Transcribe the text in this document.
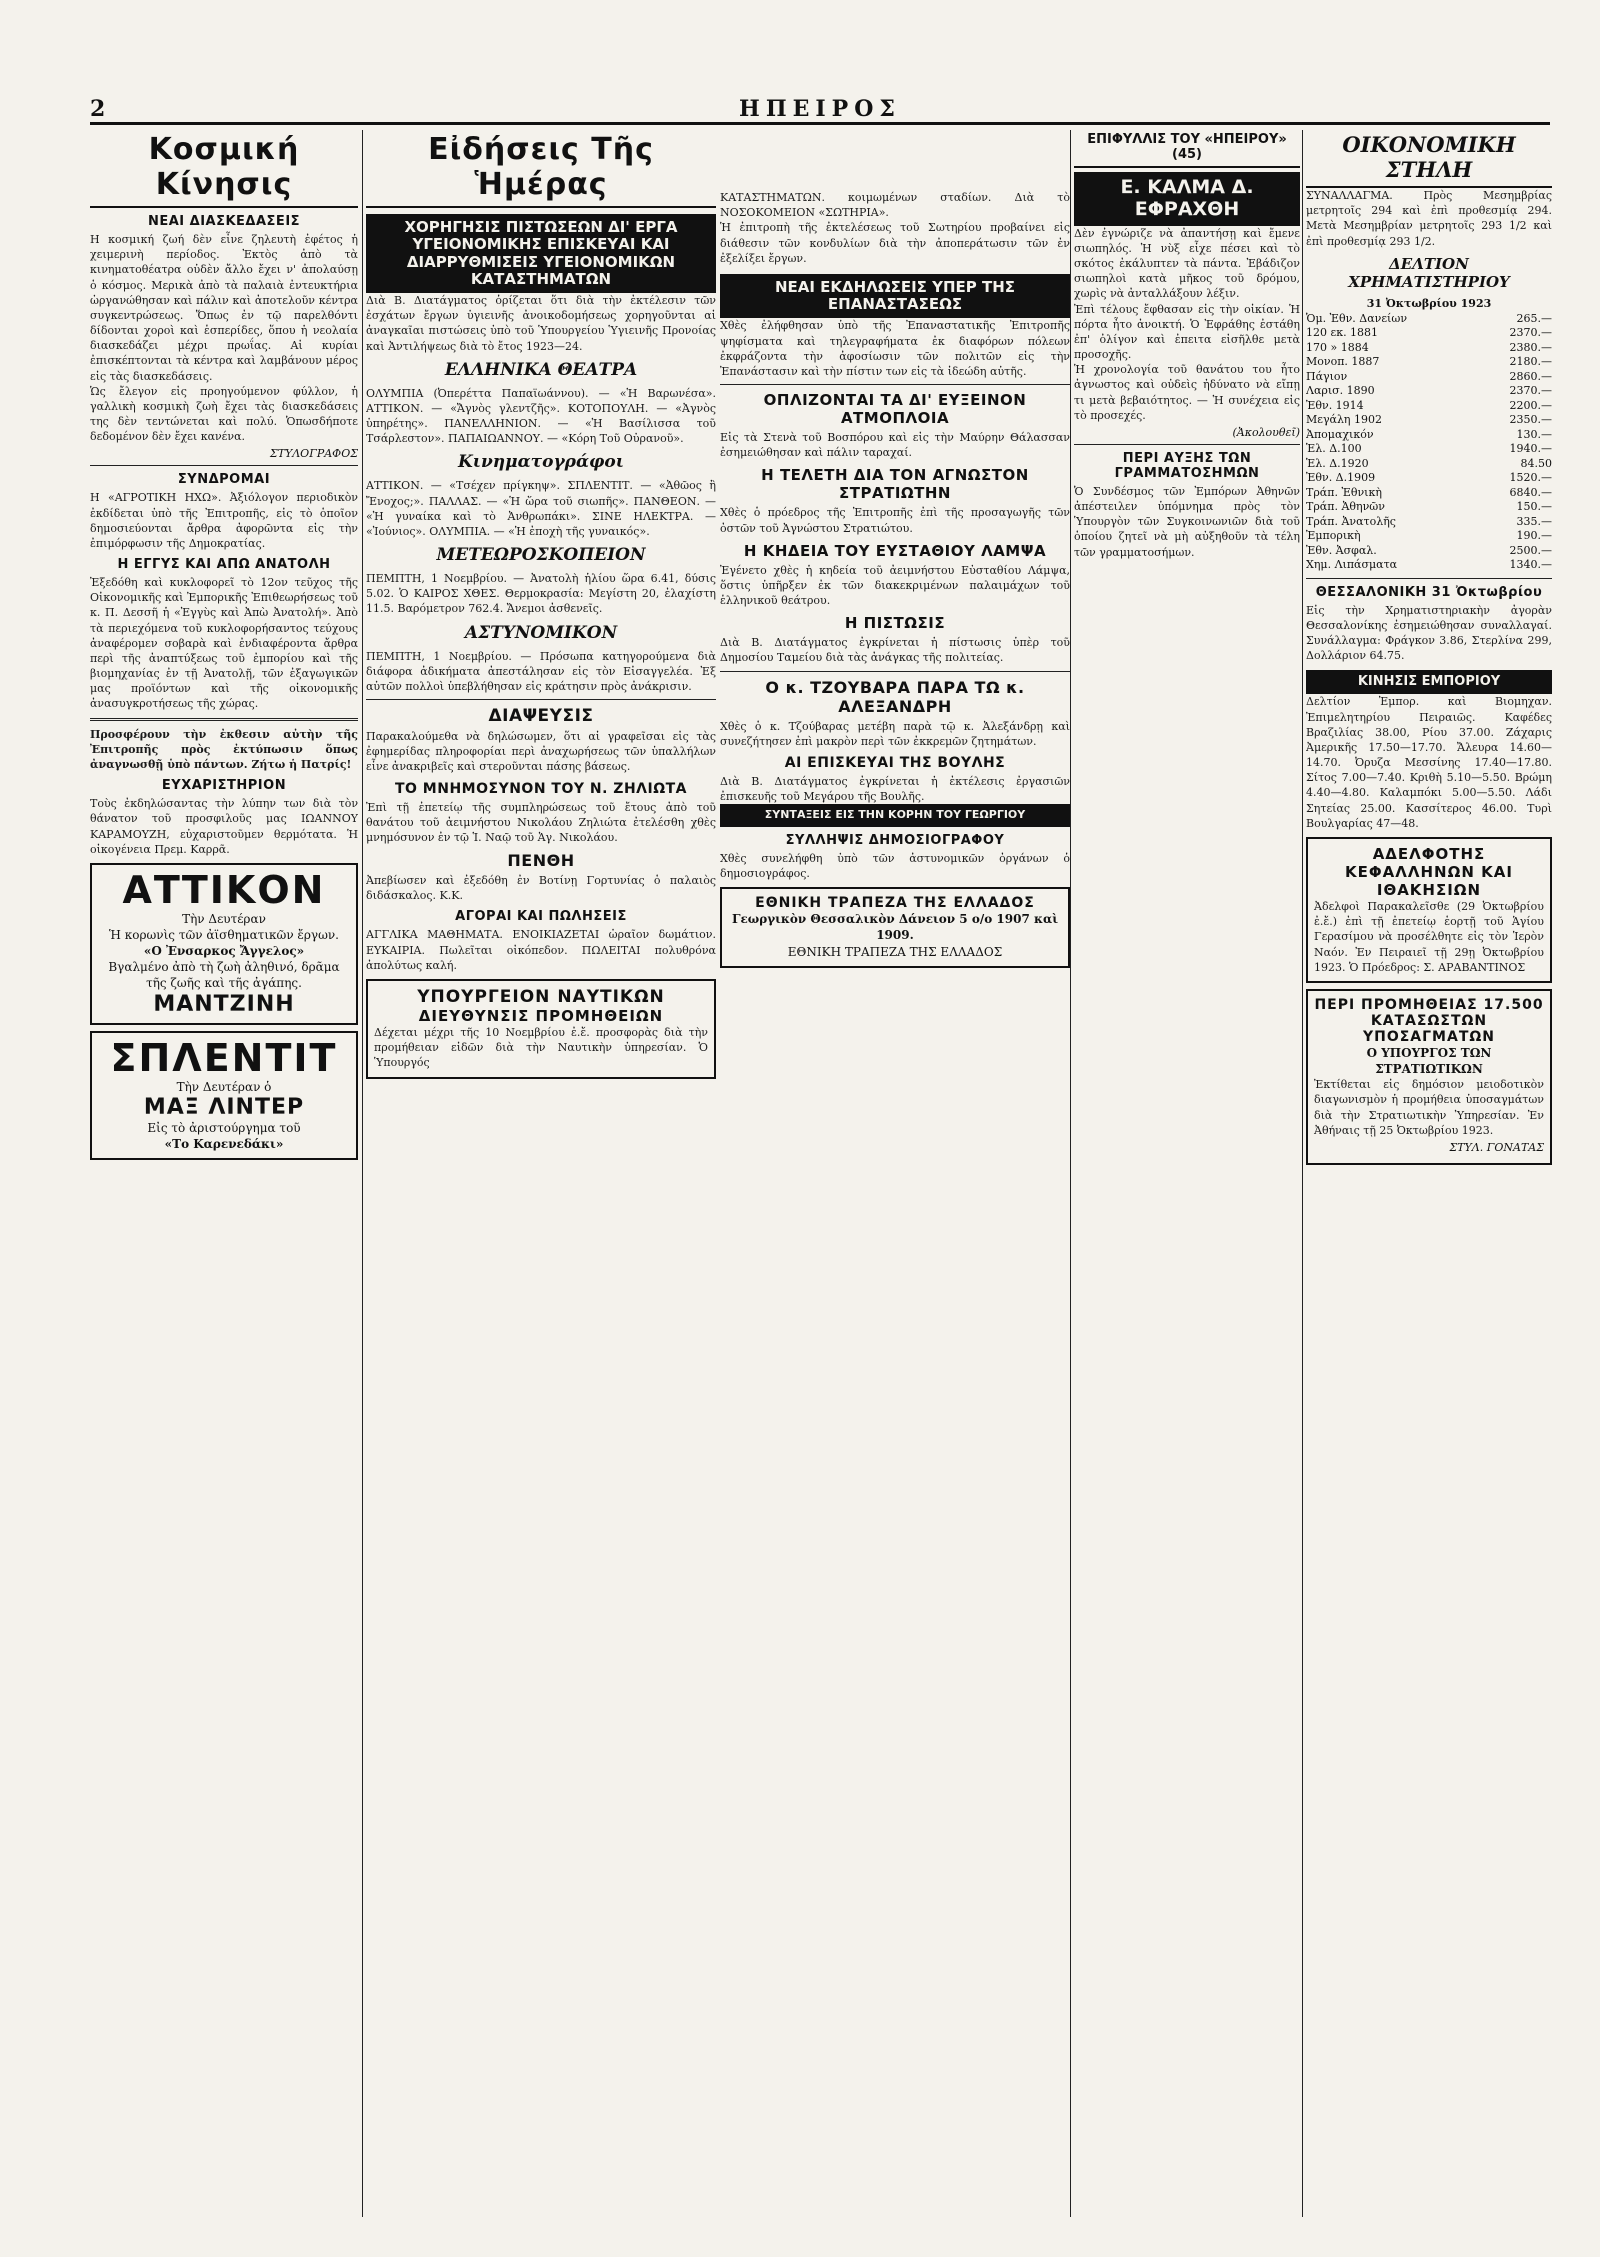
2	ΗΠΕΙΡΟΣ
Κοσμική Κίνησις
ΝΕΑΙ ΔΙΑΣΚΕΔΑΣΕΙΣ
Η κοσμική ζωή δὲν εἶνε ζηλευτὴ ἐφέτος ἡ χειμερινὴ περίοδος. Ἐκτὸς ἀπὸ τὰ κινηματοθέατρα οὐδὲν ἄλλο ἔχει ν' ἀπολαύσῃ ὁ κόσμος. Μερικὰ ἀπὸ τὰ παλαιὰ ἐντευκτήρια ὡργανώθησαν καὶ πάλιν καὶ ἀποτελοῦν κέντρα συγκεντρώσεως. Ὅπως ἐν τῷ παρελθόντι δίδονται χοροὶ καὶ ἑσπερίδες, ὅπου ἡ νεολαία διασκεδάζει μέχρι πρωΐας. Αἱ κυρίαι ἐπισκέπτονται τὰ κέντρα καὶ λαμβάνουν μέρος εἰς τὰς διασκεδάσεις.
Ὡς ἔλεγον εἰς προηγούμενον φύλλον, ἡ γαλλικὴ κοσμικὴ ζωὴ ἔχει τὰς διασκεδάσεις της δὲν τεντώνεται καὶ πολύ. Ὁπωσδήποτε δεδομένον δὲν ἔχει κανένα.
ΣΤΥΛΟΓΡΑΦΟΣ
ΣΥΝΔΡΟΜΑΙ
Η «ΑΓΡΟΤΙΚΗ ΗΧΩ». Ἀξιόλογον περιοδικὸν ἐκδίδεται ὑπὸ τῆς Ἐπιτροπῆς, εἰς τὸ ὁποῖον δημοσιεύονται ἄρθρα ἀφορῶντα εἰς τὴν ἐπιμόρφωσιν τῆς Δημοκρατίας.
Η ΕΓΓΥΣ ΚΑΙ ΑΠΩ ΑΝΑΤΟΛΗ
Ἐξεδόθη καὶ κυκλοφορεῖ τὸ 12ον τεῦχος τῆς Οἰκονομικῆς καὶ Ἐμπορικῆς Ἐπιθεωρήσεως τοῦ κ. Π. Δεσσῆ ἡ «Ἐγγὺς καὶ Ἀπὼ Ἀνατολή». Ἀπὸ τὰ περιεχόμενα τοῦ κυκλοφορήσαντος τεύχους ἀναφέρομεν σοβαρὰ καὶ ἐνδιαφέροντα ἄρθρα περὶ τῆς ἀναπτύξεως τοῦ ἐμπορίου καὶ τῆς βιομηχανίας ἐν τῇ Ἀνατολῇ, τῶν ἐξαγωγικῶν μας προϊόντων καὶ τῆς οἰκονομικῆς ἀνασυγκροτήσεως τῆς χώρας.
Προσφέρουν τὴν ἐκθεσιν αὐτὴν τῆς Ἐπιτροπῆς πρὸς ἐκτύπωσιν ὅπως ἀναγνωσθῇ ὑπὸ πάντων. Ζήτω ἡ Πατρίς!
ΕΥΧΑΡΙΣΤΗΡΙΟΝ
Τοὺς ἐκδηλώσαντας τὴν λύπην των διὰ τὸν θάνατον τοῦ προσφιλοῦς μας ΙΩΑΝΝΟΥ ΚΑΡΑΜΟΥΖΗ, εὐχαριστοῦμεν θερμότατα. Ἡ οἰκογένεια Πρεμ. Καρρᾶ.
ΑΤΤΙΚΟΝ
Τὴν Δευτέραν
Ἡ κορωνὶς τῶν ἀϊσθηματικῶν ἔργων.
«Ο Ἐνσαρκος Ἄγγελος»
Βγαλμένο ἀπὸ τὴ ζωὴ ἀληθινό, δρᾶμα τῆς ζωῆς καὶ τῆς ἀγάπης.
ΜΑΝΤΖΙΝΗ
ΣΠΛΕΝΤΙΤ
Τὴν Δευτέραν ὁ
ΜΑΞ ΛΙΝΤΕΡ
Εἰς τὸ ἀριστούργημα τοῦ
«Το Καρενεδάκι»
Εἰδήσεις Τῆς Ἡμέρας
ΧΟΡΗΓΗΣΙΣ ΠΙΣΤΩΣΕΩΝ ΔΙ' ΕΡΓΑ ΥΓΕΙΟΝΟΜΙΚΗΣ ΕΠΙΣΚΕΥΑΙ ΚΑΙ ΔΙΑΡΡΥΘΜΙΣΕΙΣ ΥΓΕΙΟΝΟΜΙΚΩΝ ΚΑΤΑΣΤΗΜΑΤΩΝ
Διὰ Β. Διατάγματος ὁρίζεται ὅτι διὰ τὴν ἐκτέλεσιν τῶν ἐσχάτων ἔργων ὑγιεινῆς ἀνοικοδομήσεως χορηγοῦνται αἱ ἀναγκαῖαι πιστώσεις ὑπὸ τοῦ Ὑπουργείου Ὑγιεινῆς Προνοίας καὶ Ἀντιλήψεως διὰ τὸ ἔτος 1923—24.
ΕΛΛΗΝΙΚΑ ΘΕΑΤΡΑ
ΟΛΥΜΠΙΑ (Ὀπερέττα Παπαϊωάννου). — «Ἡ Βαρωνέσα». ΑΤΤΙΚΟΝ. — «Ἄγνὸς γλεντζῆς». ΚΟΤΟΠΟΥΛΗ. — «Ἀγνὸς ὑπηρέτης». ΠΑΝΕΛΛΗΝΙΟΝ. — «Ἡ Βασίλισσα τοῦ Τσάρλεστον». ΠΑΠΑΙΩΑΝΝΟΥ. — «Κόρη Τοῦ Οὐρανοῦ».
Κινηματογράφοι
ΑΤΤΙΚΟΝ. — «Τσέχεν πρίγκηψ». ΣΠΛΕΝΤΙΤ. — «Ἀθῶος ἢ Ἔνοχος;». ΠΑΛΛΑΣ. — «Ἡ ὥρα τοῦ σιωπῆς». ΠΑΝΘΕΟΝ. — «Ἡ γυναίκα καὶ τὸ Ἀνθρωπάκι». ΣΙΝΕ ΗΛΕΚΤΡΑ. — «Ἰούνιος». ΟΛΥΜΠΙΑ. — «Ἡ ἐποχὴ τῆς γυναικός».
ΜΕΤΕΩΡΟΣΚΟΠΕΙΟΝ
ΠΕΜΠΤΗ, 1 Νοεμβρίου. — Ἀνατολὴ ἡλίου ὥρα 6.41, δύσις 5.02. Ὁ ΚΑΙΡΟΣ ΧΘΕΣ. Θερμοκρασία: Μεγίστη 20, ἐλαχίστη 11.5. Βαρόμετρον 762.4. Ἄνεμοι ἀσθενεῖς.
ΑΣΤΥΝΟΜΙΚΟΝ
ΠΕΜΠΤΗ, 1 Νοεμβρίου. — Πρόσωπα κατηγορούμενα διὰ διάφορα ἀδικήματα ἀπεστάλησαν εἰς τὸν Εἰσαγγελέα. Ἐξ αὐτῶν πολλοὶ ὑπεβλήθησαν εἰς κράτησιν πρὸς ἀνάκρισιν.
ΔΙΑΨΕΥΣΙΣ
Παρακαλούμεθα νὰ δηλώσωμεν, ὅτι αἱ γραφεῖσαι εἰς τὰς ἐφημερίδας πληροφορίαι περὶ ἀναχωρήσεως τῶν ὑπαλλήλων εἶνε ἀνακριβεῖς καὶ στεροῦνται πάσης βάσεως.
ΤΟ ΜΝΗΜΟΣΥΝΟΝ ΤΟΥ Ν. ΖΗΛΙΩΤΑ
Ἐπὶ τῇ ἐπετείῳ τῆς συμπληρώσεως τοῦ ἔτους ἀπὸ τοῦ θανάτου τοῦ ἀειμνήστου Νικολάου Ζηλιώτα ἐτελέσθη χθὲς μνημόσυνον ἐν τῷ Ἱ. Ναῷ τοῦ Ἁγ. Νικολάου.
ΠΕΝΘΗ
Ἀπεβίωσεν καὶ ἐξεδόθη ἐν Βοτίνῃ Γορτυνίας ὁ παλαιὸς διδάσκαλος. Κ.Κ.
ΑΓΟΡΑΙ ΚΑΙ ΠΩΛΗΣΕΙΣ
ΑΓΓΛΙΚΑ ΜΑΘΗΜΑΤΑ. ΕΝΟΙΚΙΑΖΕΤΑΙ ὡραῖον δωμάτιον. ΕΥΚΑΙΡΙΑ. Πωλεῖται οἰκόπεδον. ΠΩΛΕΙΤΑΙ πολυθρόνα ἀπολύτως καλή.
ΥΠΟΥΡΓΕΙΟΝ ΝΑΥΤΙΚΩΝ
ΔΙΕΥΘΥΝΣΙΣ ΠΡΟΜΗΘΕΙΩΝ
Δέχεται μέχρι τῆς 10 Νοεμβρίου ἐ.ἔ. προσφορὰς διὰ τὴν προμήθειαν εἰδῶν διὰ τὴν Ναυτικὴν ὑπηρεσίαν. Ὁ Ὑπουργός
ΚΑΤΑΣΤΗΜΑΤΩΝ. κοιμωμένων σταδίων. Διὰ τὸ ΝΟΣΟΚΟΜΕΙΟΝ «ΣΩΤΗΡΙΑ».
Ἡ ἐπιτροπὴ τῆς ἐκτελέσεως τοῦ Σωτηρίου προβαίνει εἰς διάθεσιν τῶν κονδυλίων διὰ τὴν ἀποπεράτωσιν τῶν ἐν ἐξελίξει ἔργων.
ΝΕΑΙ ΕΚΔΗΛΩΣΕΙΣ ΥΠΕΡ ΤΗΣ ΕΠΑΝΑΣΤΑΣΕΩΣ
Χθὲς ἐλήφθησαν ὑπὸ τῆς Ἐπαναστατικῆς Ἐπιτροπῆς ψηφίσματα καὶ τηλεγραφήματα ἐκ διαφόρων πόλεων ἐκφράζοντα τὴν ἀφοσίωσιν τῶν πολιτῶν εἰς τὴν Ἐπανάστασιν καὶ τὴν πίστιν των εἰς τὰ ἰδεώδη αὐτῆς.
ΟΠΛΙΖΟΝΤΑΙ ΤΑ ΔΙ' ΕΥΞΕΙΝΟΝ ΑΤΜΟΠΛΟΙΑ
Εἰς τὰ Στενὰ τοῦ Βοσπόρου καὶ εἰς τὴν Μαύρην Θάλασσαν ἐσημειώθησαν καὶ πάλιν ταραχαί.
Η ΤΕΛΕΤΗ ΔΙΑ ΤΟΝ ΑΓΝΩΣΤΟΝ ΣΤΡΑΤΙΩΤΗΝ
Χθὲς ὁ πρόεδρος τῆς Ἐπιτροπῆς ἐπὶ τῆς προσαγωγῆς τῶν ὀστῶν τοῦ Ἀγνώστου Στρατιώτου.
Η ΚΗΔΕΙΑ ΤΟΥ ΕΥΣΤΑΘΙΟΥ ΛΑΜΨΑ
Ἐγένετο χθὲς ἡ κηδεία τοῦ ἀειμνήστου Εὐσταθίου Λάμψα, ὅστις ὑπῆρξεν ἐκ τῶν διακεκριμένων παλαιμάχων τοῦ ἑλληνικοῦ θεάτρου.
Η ΠΙΣΤΩΣΙΣ
Διὰ Β. Διατάγματος ἐγκρίνεται ἡ πίστωσις ὑπὲρ τοῦ Δημοσίου Ταμείου διὰ τὰς ἀνάγκας τῆς πολιτείας.
Ο κ. ΤΖΟΥΒΑΡΑ ΠΑΡΑ ΤΩ κ. ΑΛΕΞΑΝΔΡΗ
Χθὲς ὁ κ. Τζούβαρας μετέβη παρὰ τῷ κ. Ἀλεξάνδρῃ καὶ συνεζήτησεν ἐπὶ μακρὸν περὶ τῶν ἐκκρεμῶν ζητημάτων.
ΑΙ ΕΠΙΣΚΕΥΑΙ ΤΗΣ ΒΟΥΛΗΣ
Διὰ Β. Διατάγματος ἐγκρίνεται ἡ ἐκτέλεσις ἐργασιῶν ἐπισκευῆς τοῦ Μεγάρου τῆς Βουλῆς.
ΣΥΝΤΑΞΕΙΣ ΕΙΣ ΤΗΝ ΚΟΡΗΝ ΤΟΥ ΓΕΩΡΓΙΟΥ
ΣΥΛΛΗΨΙΣ ΔΗΜΟΣΙΟΓΡΑΦΟΥ
Χθὲς συνελήφθη ὑπὸ τῶν ἀστυνομικῶν ὀργάνων ὁ δημοσιογράφος.
ΕΘΝΙΚΗ ΤΡΑΠΕΖΑ ΤΗΣ ΕΛΛΑΔΟΣ
Γεωργικὸν Θεσσαλικὸν Δάνειον 5 ο/ο 1907 καὶ 1909.
ΕΘΝΙΚΗ ΤΡΑΠΕΖΑ ΤΗΣ ΕΛΛΑΔΟΣ
ΕΠΙΦΥΛΛΙΣ ΤΟΥ «ΗΠΕΙΡΟΥ» (45)
Ε. ΚΑΛΜΑ Δ. ΕΦΡΑΧΘΗ
Δὲν ἐγνώριζε νὰ ἀπαντήσῃ καὶ ἔμενε σιωπηλός. Ἡ νὺξ εἶχε πέσει καὶ τὸ σκότος ἐκάλυπτεν τὰ πάντα. Ἐβάδιζον σιωπηλοὶ κατὰ μῆκος τοῦ δρόμου, χωρὶς νὰ ἀνταλλάξουν λέξιν.
Ἐπὶ τέλους ἔφθασαν εἰς τὴν οἰκίαν. Ἡ πόρτα ἦτο ἀνοικτή. Ὁ Ἐφράθης ἐστάθη ἐπ' ὀλίγον καὶ ἐπειτα εἰσῆλθε μετὰ προσοχῆς.
Ἡ χρονολογία τοῦ θανάτου του ἦτο ἀγνωστος καὶ οὐδεὶς ἠδύνατο νὰ εἴπῃ τι μετὰ βεβαιότητος. — Ἡ συνέχεια εἰς τὸ προσεχές.
(Ἀκολουθεῖ)
ΠΕΡΙ ΑΥΞΗΣ ΤΩΝ ΓΡΑΜΜΑΤΟΣΗΜΩΝ
Ὁ Συνδέσμος τῶν Ἐμπόρων Ἀθηνῶν ἀπέστειλεν ὑπόμνημα πρὸς τὸν Ὑπουργὸν τῶν Συγκοινωνιῶν διὰ τοῦ ὁποίου ζητεῖ νὰ μὴ αὐξηθοῦν τὰ τέλη τῶν γραμματοσήμων.
ΟΙΚΟΝΟΜΙΚΗ ΣΤΗΛΗ
ΣΥΝΑΛΛΑΓΜΑ. Πρὸς Μεσημβρίας μετρητοῖς 294 καὶ ἐπὶ προθεσμίᾳ 294. Μετὰ Μεσημβρίαν μετρητοῖς 293 1/2 καὶ ἐπὶ προθεσμίᾳ 293 1/2.
ΔΕΛΤΙΟΝ ΧΡΗΜΑΤΙΣΤΗΡΙΟΥ
31 Ὀκτωβρίου 1923
Ὁμ. Ἐθν. Δανείων	265.—
120 εκ. 1881	2370.—
170 » 1884	2380.—
Μονοπ. 1887	2180.—
Πάγιον	2860.—
Λαρισ. 1890	2370.—
Ἐθν. 1914	2200.—
Μεγάλη 1902	2350.—
Ἀπομαχικόν	130.—
Ἑλ. Δ.100	1940.—
Ἑλ. Δ.1920	84.50
Ἐθν. Δ.1909	1520.—
Τράπ. Ἐθνικὴ	6840.—
Τράπ. Ἀθηνῶν	150.—
Τράπ. Ἀνατολῆς	335.—
Ἐμπορικὴ	190.—
Ἐθν. Ἀσφαλ.	2500.—
Χημ. Λιπάσματα	1340.—
ΘΕΣΣΑΛΟΝΙΚΗ 31 Ὀκτωβρίου
Εἰς τὴν Χρηματιστηριακὴν ἀγορὰν Θεσσαλονίκης ἐσημειώθησαν συναλλαγαί. Συνάλλαγμα: Φράγκον 3.86, Στερλίνα 299, Δολλάριον 64.75.
ΚΙΝΗΣΙΣ ΕΜΠΟΡΙΟΥ
Δελτίον Ἐμπορ. καὶ Βιομηχαν. Ἐπιμελητηρίου Πειραιῶς. Καφέδες Βραζιλίας 38.00, Ρίου 37.00. Ζάχαρις Ἀμερικῆς 17.50—17.70. Ἄλευρα 14.60—14.70. Ὀρυζα Μεσσίνης 17.40—17.80. Σίτος 7.00—7.40. Κριθὴ 5.10—5.50. Βρώμη 4.40—4.80. Καλαμπόκι 5.00—5.50. Λάδι Σητείας 25.00. Κασσίτερος 46.00. Τυρὶ Βουλγαρίας 47—48.
ΑΔΕΛΦΟΤΗΣ ΚΕΦΑΛΛΗΝΩΝ ΚΑΙ ΙΘΑΚΗΣΙΩΝ
Ἀδελφοὶ Παρακαλεῖσθε (29 Ὀκτωβρίου ἐ.ἔ.) ἐπὶ τῇ ἐπετείῳ ἑορτῇ τοῦ Ἁγίου Γερασίμου νὰ προσέλθητε εἰς τὸν Ἱερὸν Ναόν. Ἐν Πειραιεῖ τῇ 29ῃ Ὀκτωβρίου 1923. Ὁ Πρόεδρος: Σ. ΑΡΑΒΑΝΤΙΝΟΣ
ΠΕΡΙ ΠΡΟΜΗΘΕΙΑΣ 17.500 ΚΑΤΑΣΩΣΤΩΝ ΥΠΟΣΑΓΜΑΤΩΝ
Ο ΥΠΟΥΡΓΟΣ ΤΩΝ ΣΤΡΑΤΙΩΤΙΚΩΝ
Ἐκτίθεται εἰς δημόσιον μειοδοτικὸν διαγωνισμὸν ἡ προμήθεια ὑποσαγμάτων διὰ τὴν Στρατιωτικὴν Ὑπηρεσίαν. Ἐν Ἀθήναις τῇ 25 Ὀκτωβρίου 1923.
ΣΤΥΛ. ΓΟΝΑΤΑΣ
